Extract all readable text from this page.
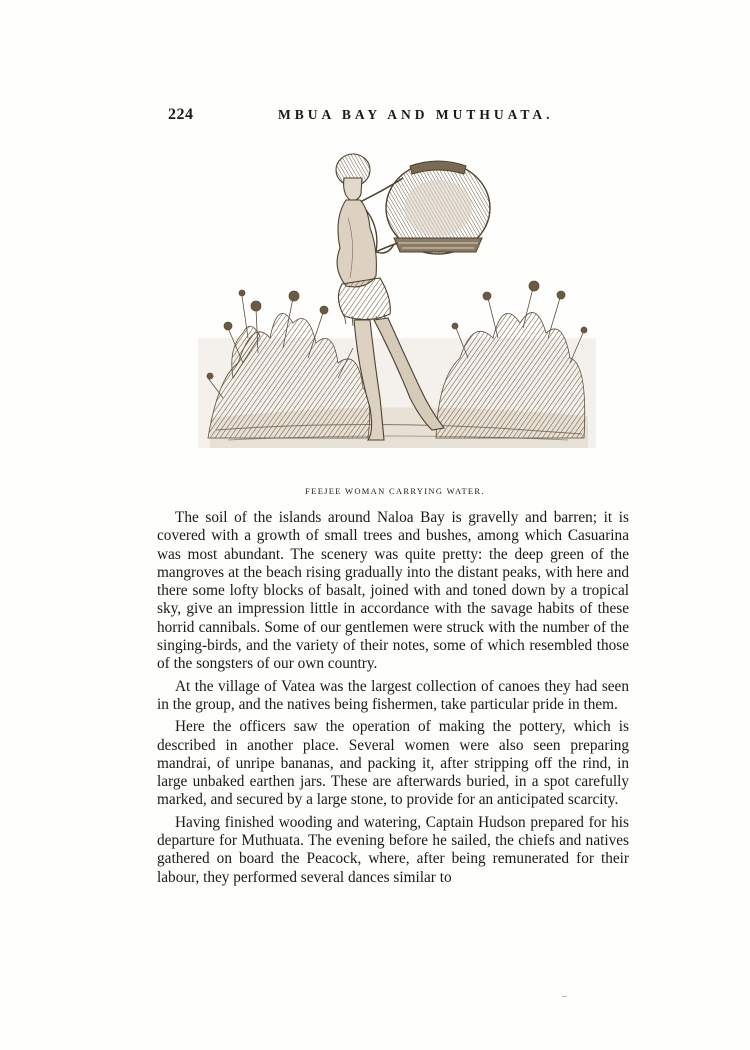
224	MBUA BAY AND MUTHUATA.
FEEJEE WOMAN CARRYING WATER.

The soil of the islands around Naloa Bay is gravelly and barren; it is covered with a growth of small trees and bushes, among which Casuarina was most abundant. The scenery was quite pretty: the deep green of the mangroves at the beach rising gradually into the distant peaks, with here and there some lofty blocks of basalt, joined with and toned down by a tropical sky, give an impression little in accordance with the savage habits of these horrid cannibals. Some of our gentlemen were struck with the number of the singing-birds, and the variety of their notes, some of which resembled those of the songsters of our own country.

At the village of Vatea was the largest collection of canoes they had seen in the group, and the natives being fishermen, take particular pride in them.

Here the officers saw the operation of making the pottery, which is described in another place. Several women were also seen preparing mandrai, of unripe bananas, and packing it, after stripping off the rind, in large unbaked earthen jars. These are afterwards buried, in a spot carefully marked, and secured by a large stone, to provide for an anticipated scarcity.

Having finished wooding and watering, Captain Hudson prepared for his departure for Muthuata. The evening before he sailed, the chiefs and natives gathered on board the Peacock, where, after being remunerated for their labour, they performed several dances similar to
